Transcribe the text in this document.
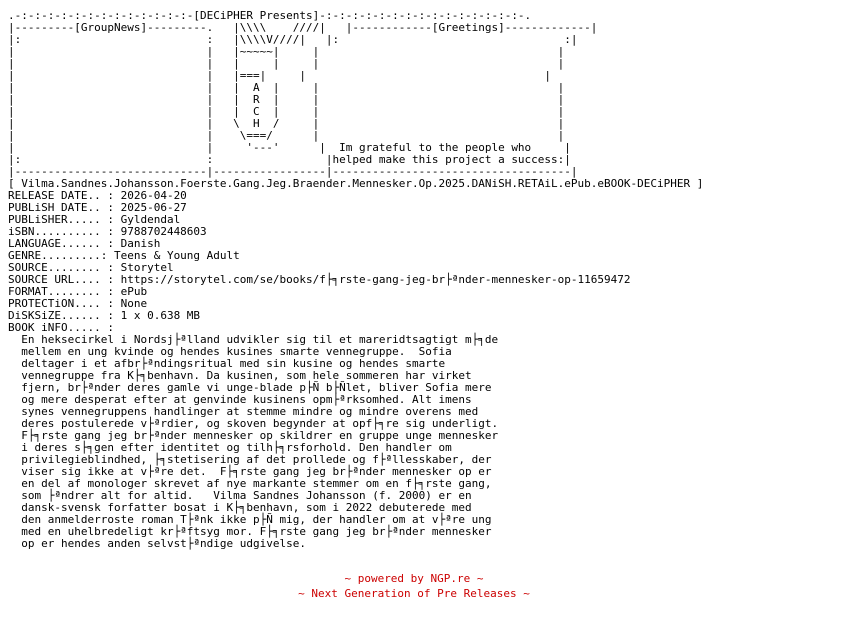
.-:-:-:-:-:-:-:-:-:-:-:-:-:-[DECiPHER Presents]-:-:-:-:-:-:-:-:-:-:-:-:-:-:-:-.
|---------[GroupNews]---------.   |\\\\    ////|   |------------[Greetings]-------------|
|:                            :   |\\\\V////|   |:                                  :|
|                             |   |~~~~~|     |                                    |
|                             |   |     |     |                                    |
|                             |   |===|     |                                    |
|                             |   |  A  |     |                                    |
|                             |   |  R  |     |                                    |
|                             |   |  C  |     |                                    |
|                             |   \  H  /     |                                    |
|                             |    \===/      |                                    |
|                             |     '---'      |  Im grateful to the people who     |
|:                            :                 |helped make this project a success:|
|-----------------------------|-----------------|------------------------------------|
[ Vilma.Sandnes.Johansson.Foerste.Gang.Jeg.Braender.Mennesker.Op.2025.DANiSH.RETAiL.ePub.eBOOK-DECiPHER ]
RELEASE DATE.. : 2026-04-20
PUBLiSH DATE.. : 2025-06-27
PUBLiSHER..... : Gyldendal
iSBN.......... : 9788702448603
LANGUAGE...... : Danish
GENRE.........: Teens & Young Adult
SOURCE........ : Storytel
SOURCE URL.... : https://storytel.com/se/books/f├╕rste-gang-jeg-br├ªnder-mennesker-op-11659472
FORMAT........ : ePub
PROTECTiON.... : None
DiSKSiZE...... : 1 x 0.638 MB
BOOK iNFO..... :
En heksecirkel i Nordsj├ªlland udvikler sig til et mareridtsagtigt m├╕de
mellem en ung kvinde og hendes kusines smarte vennegruppe.  Sofia
deltager i et afbr├ªndingsritual med sin kusine og hendes smarte
vennegruppe fra K├╕benhavn. Da kusinen, som hele sommeren har virket
fjern, br├ªnder deres gamle vi unge-blade p├Ñ b├Ñlet, bliver Sofia mere
og mere desperat efter at genvinde kusinens opm├ªrksomhed. Alt imens
synes vennegruppens handlinger at stemme mindre og mindre overens med
deres postulerede v├ªrdier, og skoven begynder at opf├╕re sig underligt.
F├╕rste gang jeg br├ªnder mennesker op skildrer en gruppe unge mennesker
i deres s├╕gen efter identitet og tilh├╕rsforhold. Den handler om
privilegieblindhed, ├╕stetisering af det prollede og f├ªllesskaber, der
viser sig ikke at v├ªre det.  F├╕rste gang jeg br├ªnder mennesker op er
en del af monologer skrevet af nye markante stemmer om en f├╕rste gang,
som ├ªndrer alt for altid.   Vilma Sandnes Johansson (f. 2000) er en
dansk-svensk forfatter bosat i K├╕benhavn, som i 2022 debuterede med
den anmelderroste roman T├ªnk ikke p├Ñ mig, der handler om at v├ªre ung
med en uhelbredeligt kr├ªftsyg mor. F├╕rste gang jeg br├ªnder mennesker
op er hendes anden selvst├ªndige udgivelse.
~ powered by NGP.re ~
~ Next Generation of Pre Releases ~
